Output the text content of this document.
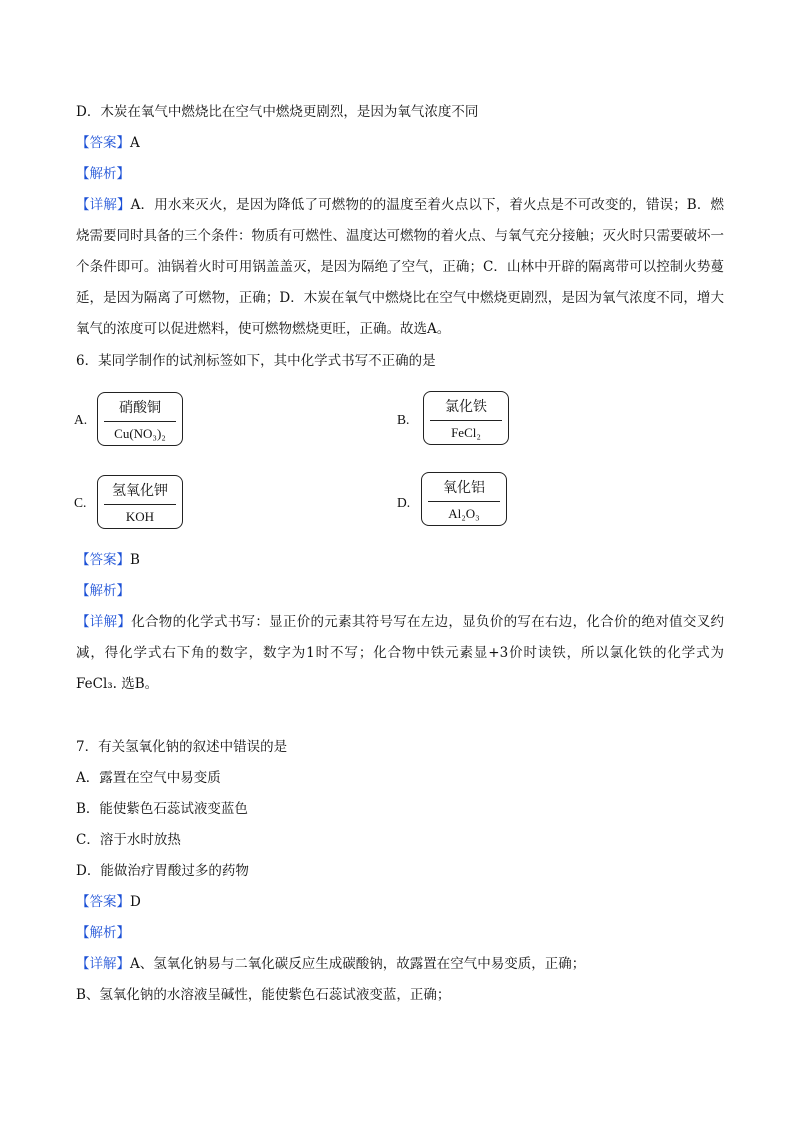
D．木炭在氧气中燃烧比在空气中燃烧更剧烈，是因为氧气浓度不同
【答案】A
【解析】
【详解】A．用水来灭火，是因为降低了可燃物的的温度至着火点以下，着火点是不可改变的，错误；B．燃烧需要同时具备的三个条件：物质有可燃性、温度达可燃物的着火点、与氧气充分接触；灭火时只需要破坏一个条件即可。油锅着火时可用锅盖盖灭，是因为隔绝了空气，正确；C．山林中开辟的隔离带可以控制火势蔓延，是因为隔离了可燃物，正确；D．木炭在氧气中燃烧比在空气中燃烧更剧烈，是因为氧气浓度不同，增大氧气的浓度可以促进燃料，使可燃物燃烧更旺，正确。故选A。
6．某同学制作的试剂标签如下，其中化学式书写不正确的是
A.
硝酸铜
Cu(NO₃)₂
B.
氯化铁
FeCl₂
C.
氢氧化钾
KOH
D.
氧化铝
Al₂O₃
【答案】B
【解析】
【详解】化合物的化学式书写：显正价的元素其符号写在左边，显负价的写在右边，化合价的绝对值交叉约减，得化学式右下角的数字，数字为1时不写；化合物中铁元素显+3价时读铁，所以氯化铁的化学式为FeCl₃. 选B。
7．有关氢氧化钠的叙述中错误的是
A．露置在空气中易变质
B．能使紫色石蕊试液变蓝色
C．溶于水时放热
D．能做治疗胃酸过多的药物
【答案】D
【解析】
【详解】A、氢氧化钠易与二氧化碳反应生成碳酸钠，故露置在空气中易变质，正确；
B、氢氧化钠的水溶液呈碱性，能使紫色石蕊试液变蓝，正确；
